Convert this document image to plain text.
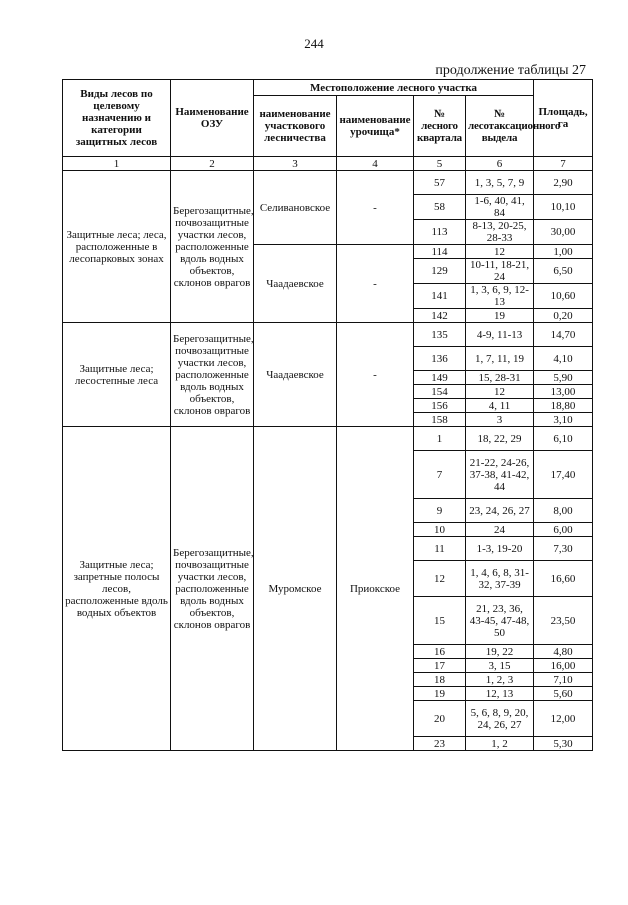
244
продолжение таблицы 27
Виды лесов по целевому назначению и категории защитных лесов	Наименование ОЗУ	Местоположение лесного участка				Площадь, га
		наименование участкового лесничества	наименование урочища*	№ лесного квартала	№ лесотаксационного выдела	
1	2	3	4	5	6	7
Защитные леса; леса, расположенные в лесопарковых зонах	Берегозащитные, почвозащитные участки лесов, расположенные вдоль водных объектов, склонов оврагов	Селивановское	-	57	1, 3, 5, 7, 9	2,90
				58	1-6, 40, 41, 84	10,10
				113	8-13, 20-25, 28-33	30,00
		Чаадаевское	-	114	12	1,00
				129	10-11, 18-21, 24	6,50
				141	1, 3, 6, 9, 12-13	10,60
				142	19	0,20
Защитные леса; лесостепные леса	Берегозащитные, почвозащитные участки лесов, расположенные вдоль водных объектов, склонов оврагов	Чаадаевское	-	135	4-9, 11-13	14,70
				136	1, 7, 11, 19	4,10
				149	15, 28-31	5,90
				154	12	13,00
				156	4, 11	18,80
				158	3	3,10
Защитные леса; запретные полосы лесов, расположенные вдоль водных объектов	Берегозащитные, почвозащитные участки лесов, расположенные вдоль водных объектов, склонов оврагов	Муромское	Приокское	1	18, 22, 29	6,10
				7	21-22, 24-26, 37-38, 41-42, 44	17,40
				9	23, 24, 26, 27	8,00
				10	24	6,00
				11	1-3, 19-20	7,30
				12	1, 4, 6, 8, 31-32, 37-39	16,60
				15	21, 23, 36, 43-45, 47-48, 50	23,50
				16	19, 22	4,80
				17	3, 15	16,00
				18	1, 2, 3	7,10
				19	12, 13	5,60
				20	5, 6, 8, 9, 20, 24, 26, 27	12,00
				23	1, 2	5,30
